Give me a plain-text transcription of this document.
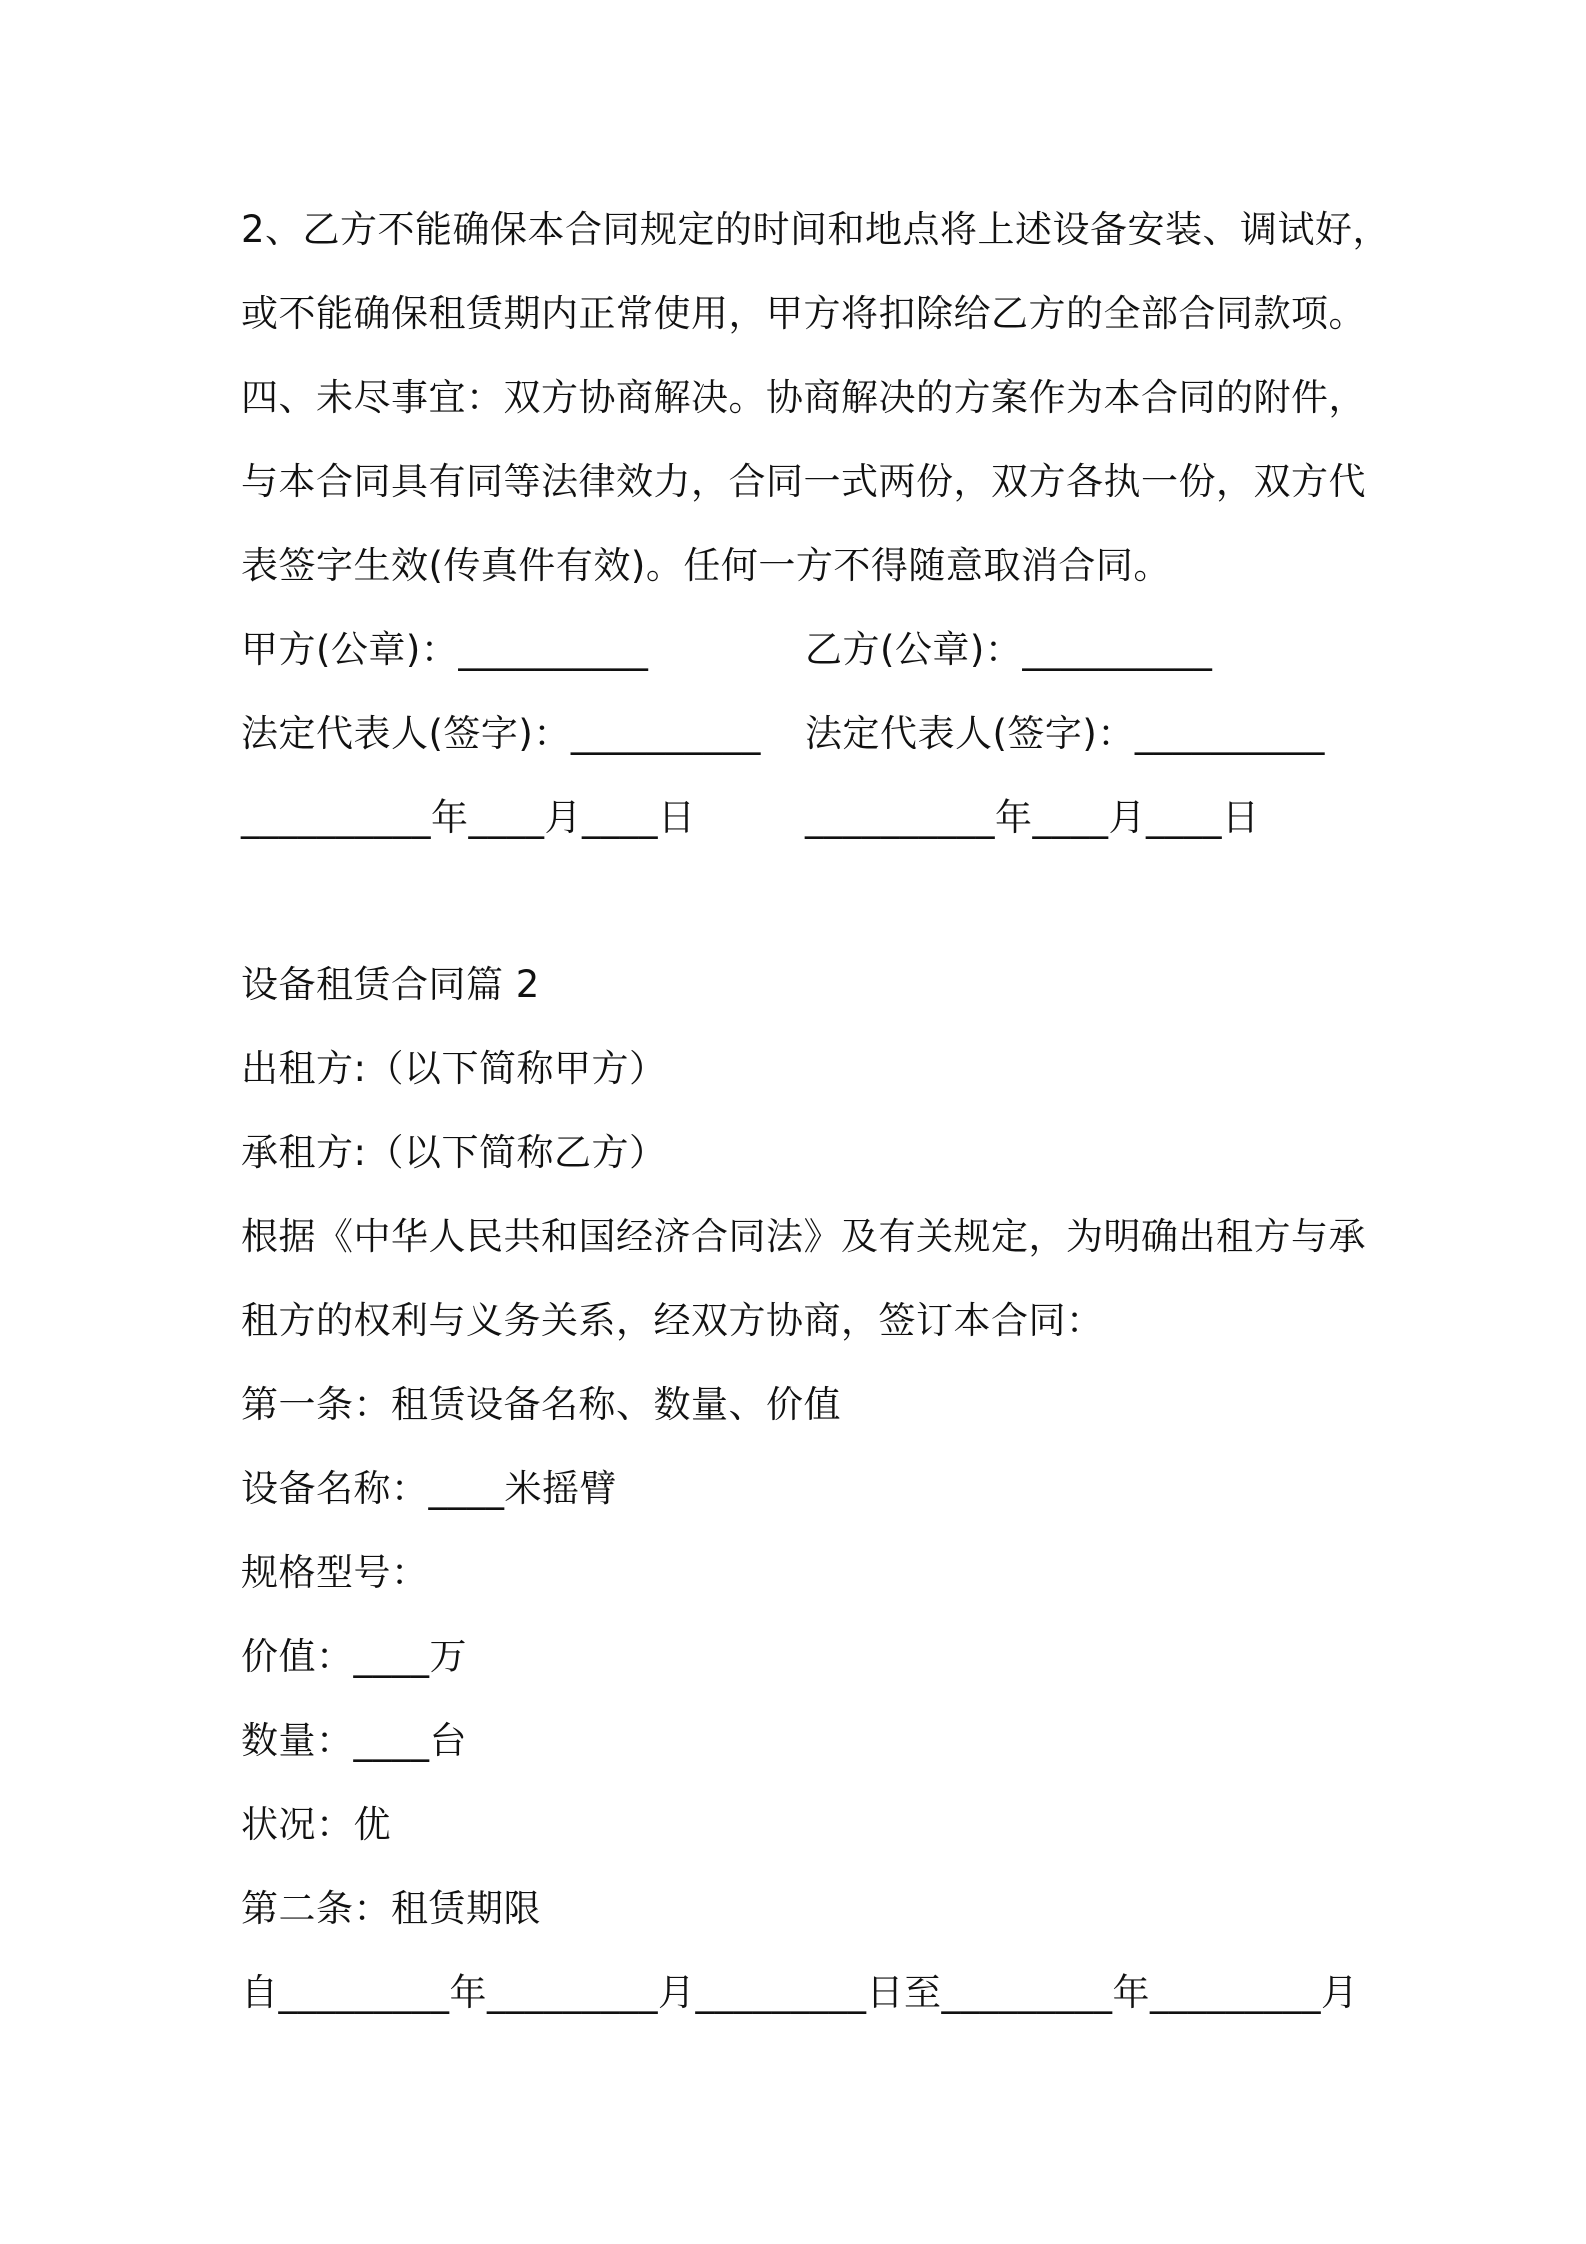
2、乙方不能确保本合同规定的时间和地点将上述设备安装、调试好，
或不能确保租赁期内正常使用，甲方将扣除给乙方的全部合同款项。
四、未尽事宜：双方协商解决。协商解决的方案作为本合同的附件，
与本合同具有同等法律效力，合同一式两份，双方各执一份，双方代
表签字生效(传真件有效)。任何一方不得随意取消合同。
甲方(公章)：__________	乙方(公章)：__________
法定代表人(签字)：__________ 法定代表人(签字)：__________
__________年____月____日	__________年____月____日
设备租赁合同篇 2
出租方:（以下简称甲方）
承租方:（以下简称乙方）
根据《中华人民共和国经济合同法》及有关规定，为明确出租方与承
租方的权利与义务关系，经双方协商，签订本合同：
第一条：租赁设备名称、数量、价值
设备名称：____米摇臂
规格型号：
价值：____万
数量：____台
状况：优
第二条：租赁期限
自_________年_________月_________日至_________年_________月
